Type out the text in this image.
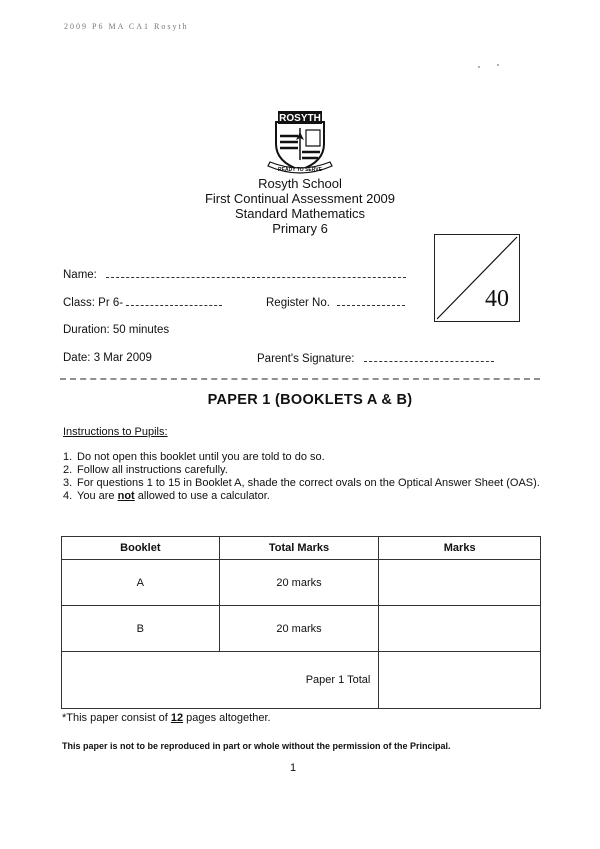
2009 P6 MA CA1 Rosyth
ROSYTH
READY TO SERVE
Rosyth School
First Continual Assessment 2009
Standard Mathematics
Primary 6
40
Name:
Class: Pr 6-	Register No.
Duration: 50 minutes
Date: 3 Mar 2009	Parent's Signature:
PAPER 1 (BOOKLETS A & B)
Instructions to Pupils:
1. Do not open this booklet until you are told to do so.
2. Follow all instructions carefully.
3. For questions 1 to 15 in Booklet A, shade the correct ovals on the Optical Answer Sheet (OAS).
4. You are not allowed to use a calculator.
Booklet	Total Marks	Marks
A	20 marks	
B	20 marks	
Paper 1 Total		
*This paper consist of 12 pages altogether.
This paper is not to be reproduced in part or whole without the permission of the Principal.
1
